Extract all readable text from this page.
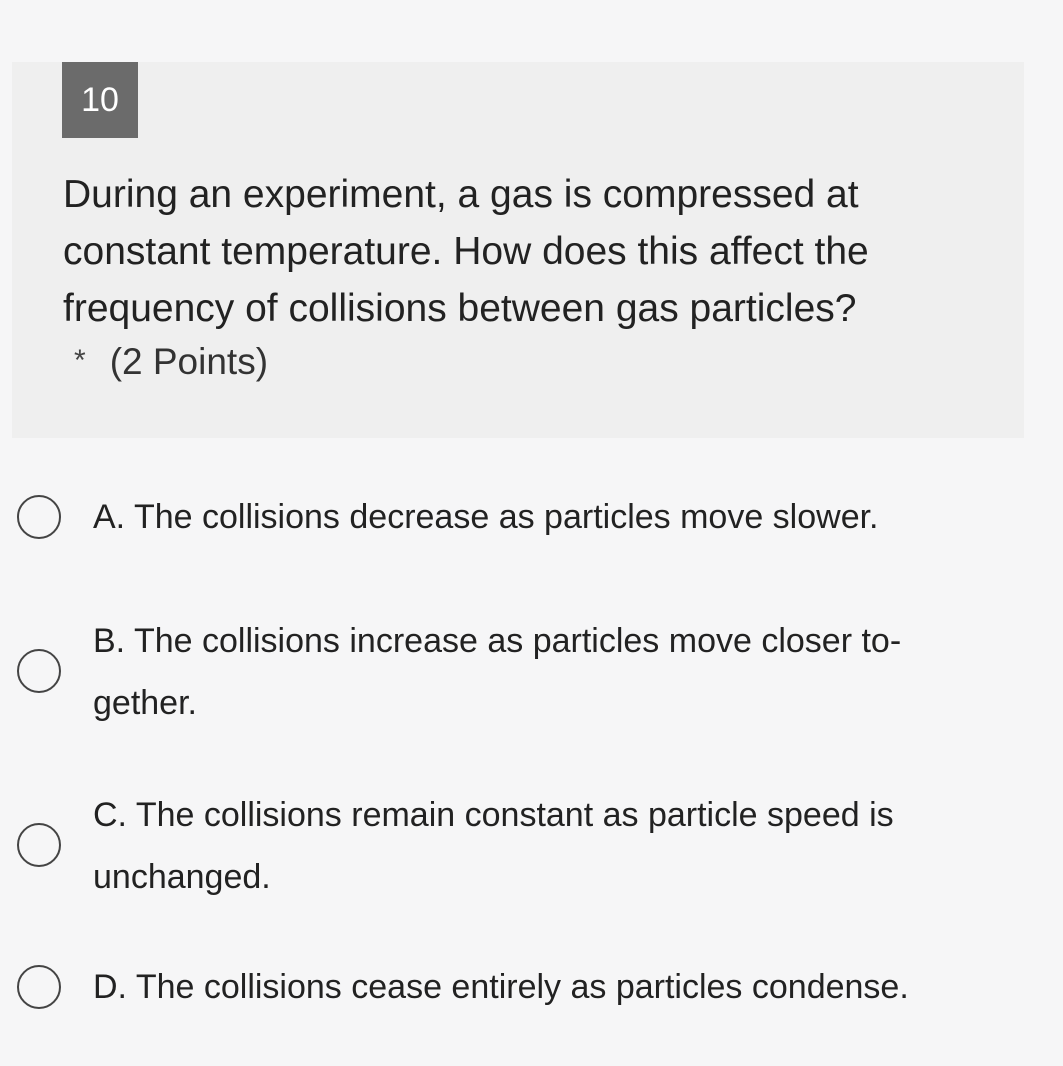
10
During an experiment, a gas is compressed at constant temperature. How does this affect the frequency of collisions between gas particles?
* (2 Points)
A. The collisions decrease as particles move slower.
B. The collisions increase as particles move closer to-gether.
C. The collisions remain constant as particle speed is unchanged.
D. The collisions cease entirely as particles condense.
